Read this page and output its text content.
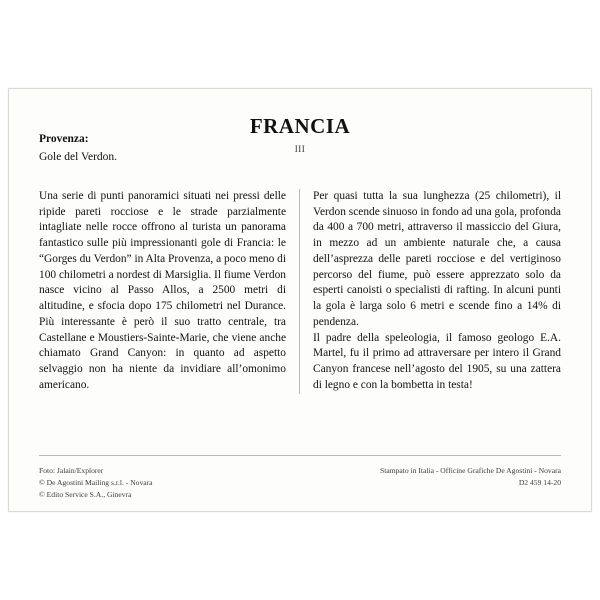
FRANCIA
III
Provenza:
Gole del Verdon.

Una serie di punti panoramici situati nei pressi delle ripide pareti rocciose e le strade parzialmente intagliate nelle rocce offrono al turista un panorama fantastico sulle più impressionanti gole di Francia: le “Gorges du Verdon” in Alta Provenza, a poco meno di 100 chilometri a nordest di Marsiglia. Il fiume Verdon nasce vicino al Passo Allos, a 2500 metri di altitudine, e sfocia dopo 175 chilometri nel Durance. Più interessante è però il suo tratto centrale, tra Castellane e Moustiers-Sainte-Marie, che viene anche chiamato Grand Canyon: in quanto ad aspetto selvaggio non ha niente da invidiare all’omonimo americano.

Per quasi tutta la sua lunghezza (25 chilometri), il Verdon scende sinuoso in fondo ad una gola, profonda da 400 a 700 metri, attraverso il massiccio del Giura, in mezzo ad un ambiente naturale che, a causa dell’asprezza delle pareti rocciose e del vertiginoso percorso del fiume, può essere apprezzato solo da esperti canoisti o specialisti di rafting. In alcuni punti la gola è larga solo 6 metri e scende fino a 14% di pendenza.

Il padre della speleologia, il famoso geologo E.A. Martel, fu il primo ad attraversare per intero il Grand Canyon francese nell’agosto del 1905, su una zattera di legno e con la bombetta in testa!

Foto: Jalain/Explorer
© De Agostini Mailing s.r.l. - Novara
© Edito Service S.A., Ginevra
Stampato in Italia - Officine Grafiche De Agostini - Novara
D2 459 14-20
